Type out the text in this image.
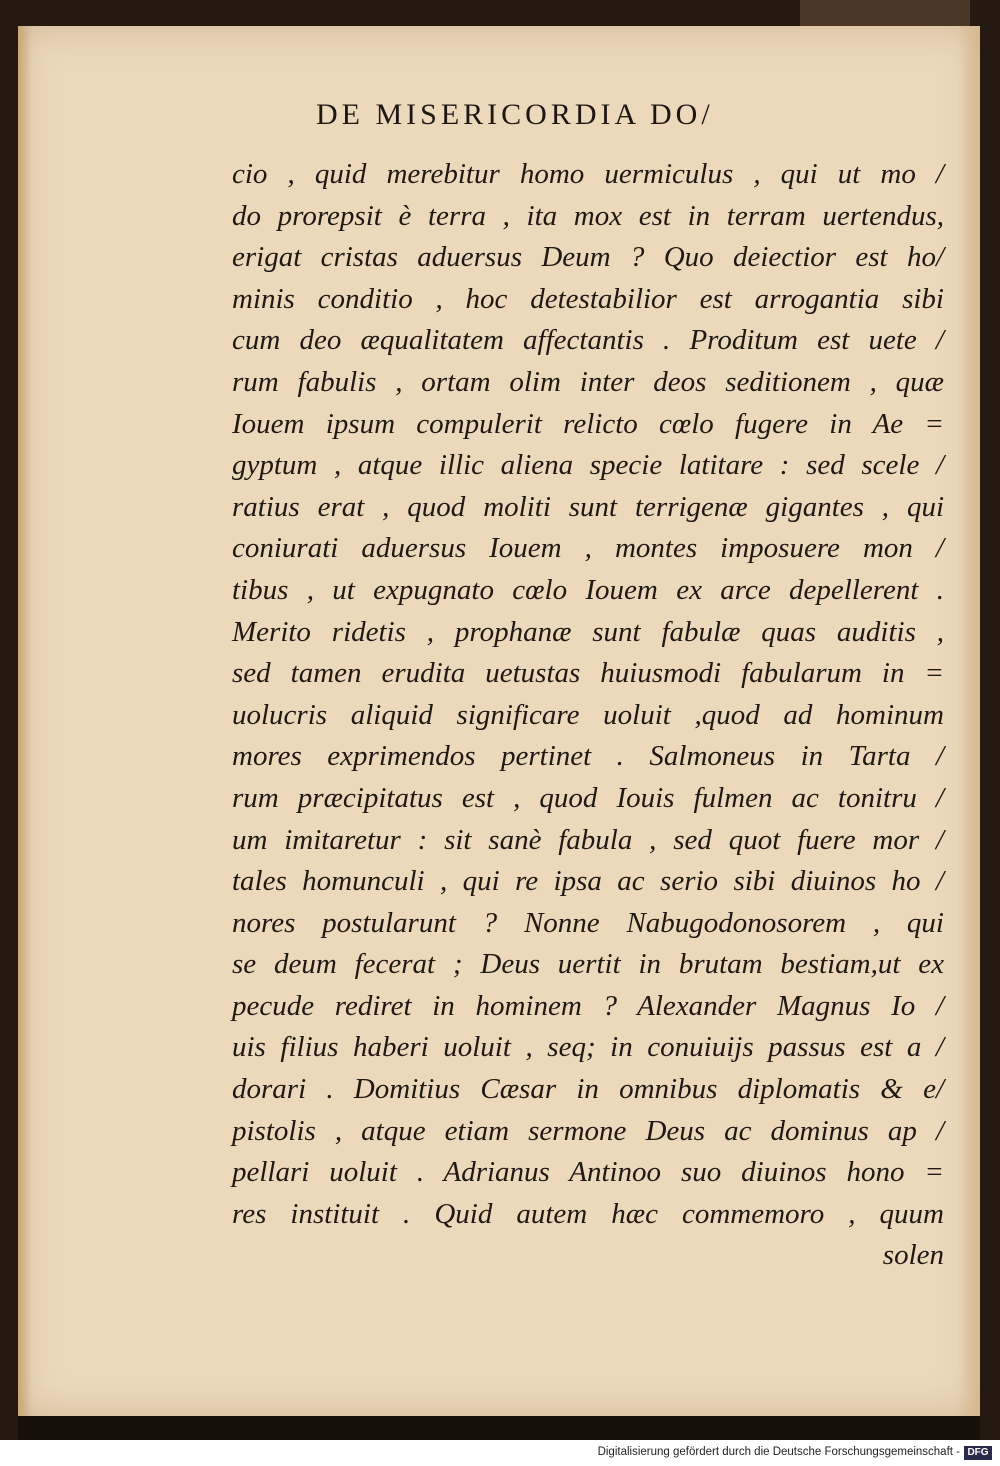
DE MISERICORDIA DO/
cio , quid merebitur homo uermiculus , qui ut mo /
do prorepsit è terra , ita mox est in terram uertendus,
erigat cristas aduersus Deum ? Quo deiectior est ho/
minis conditio , hoc detestabilior est arrogantia sibi
cum deo æqualitatem affectantis . Proditum est uete /
rum fabulis , ortam olim inter deos seditionem , quæ
Iouem ipsum compulerit relicto cœlo fugere in Ae =
gyptum , atque illic aliena specie latitare : sed scele /
ratius erat , quod moliti sunt terrigenæ gigantes , qui
coniurati aduersus Iouem , montes imposuere mon /
tibus , ut expugnato cœlo Iouem ex arce depellerent .
Merito ridetis , prophanæ sunt fabulæ quas auditis ,
sed tamen erudita uetustas huiusmodi fabularum in =
uolucris aliquid significare uoluit ,quod ad hominum
mores exprimendos pertinet . Salmoneus in Tarta /
rum præcipitatus est , quod Iouis fulmen ac tonitru /
um imitaretur : sit sanè fabula , sed quot fuere mor /
tales homunculi , qui re ipsa ac serio sibi diuinos ho /
nores postularunt ? Nonne Nabugodonosorem , qui
se deum fecerat ; Deus uertit in brutam bestiam,ut ex
pecude rediret in hominem ? Alexander Magnus Io /
uis filius haberi uoluit , seq; in conuiuijs passus est a /
dorari . Domitius Cæsar in omnibus diplomatis & e/
pistolis , atque etiam sermone Deus ac dominus ap /
pellari uoluit . Adrianus Antinoo suo diuinos hono =
res instituit . Quid autem hæc commemoro , quum
solen
Digitalisierung gefördert durch die Deutsche Forschungsgemeinschaft - DFG
